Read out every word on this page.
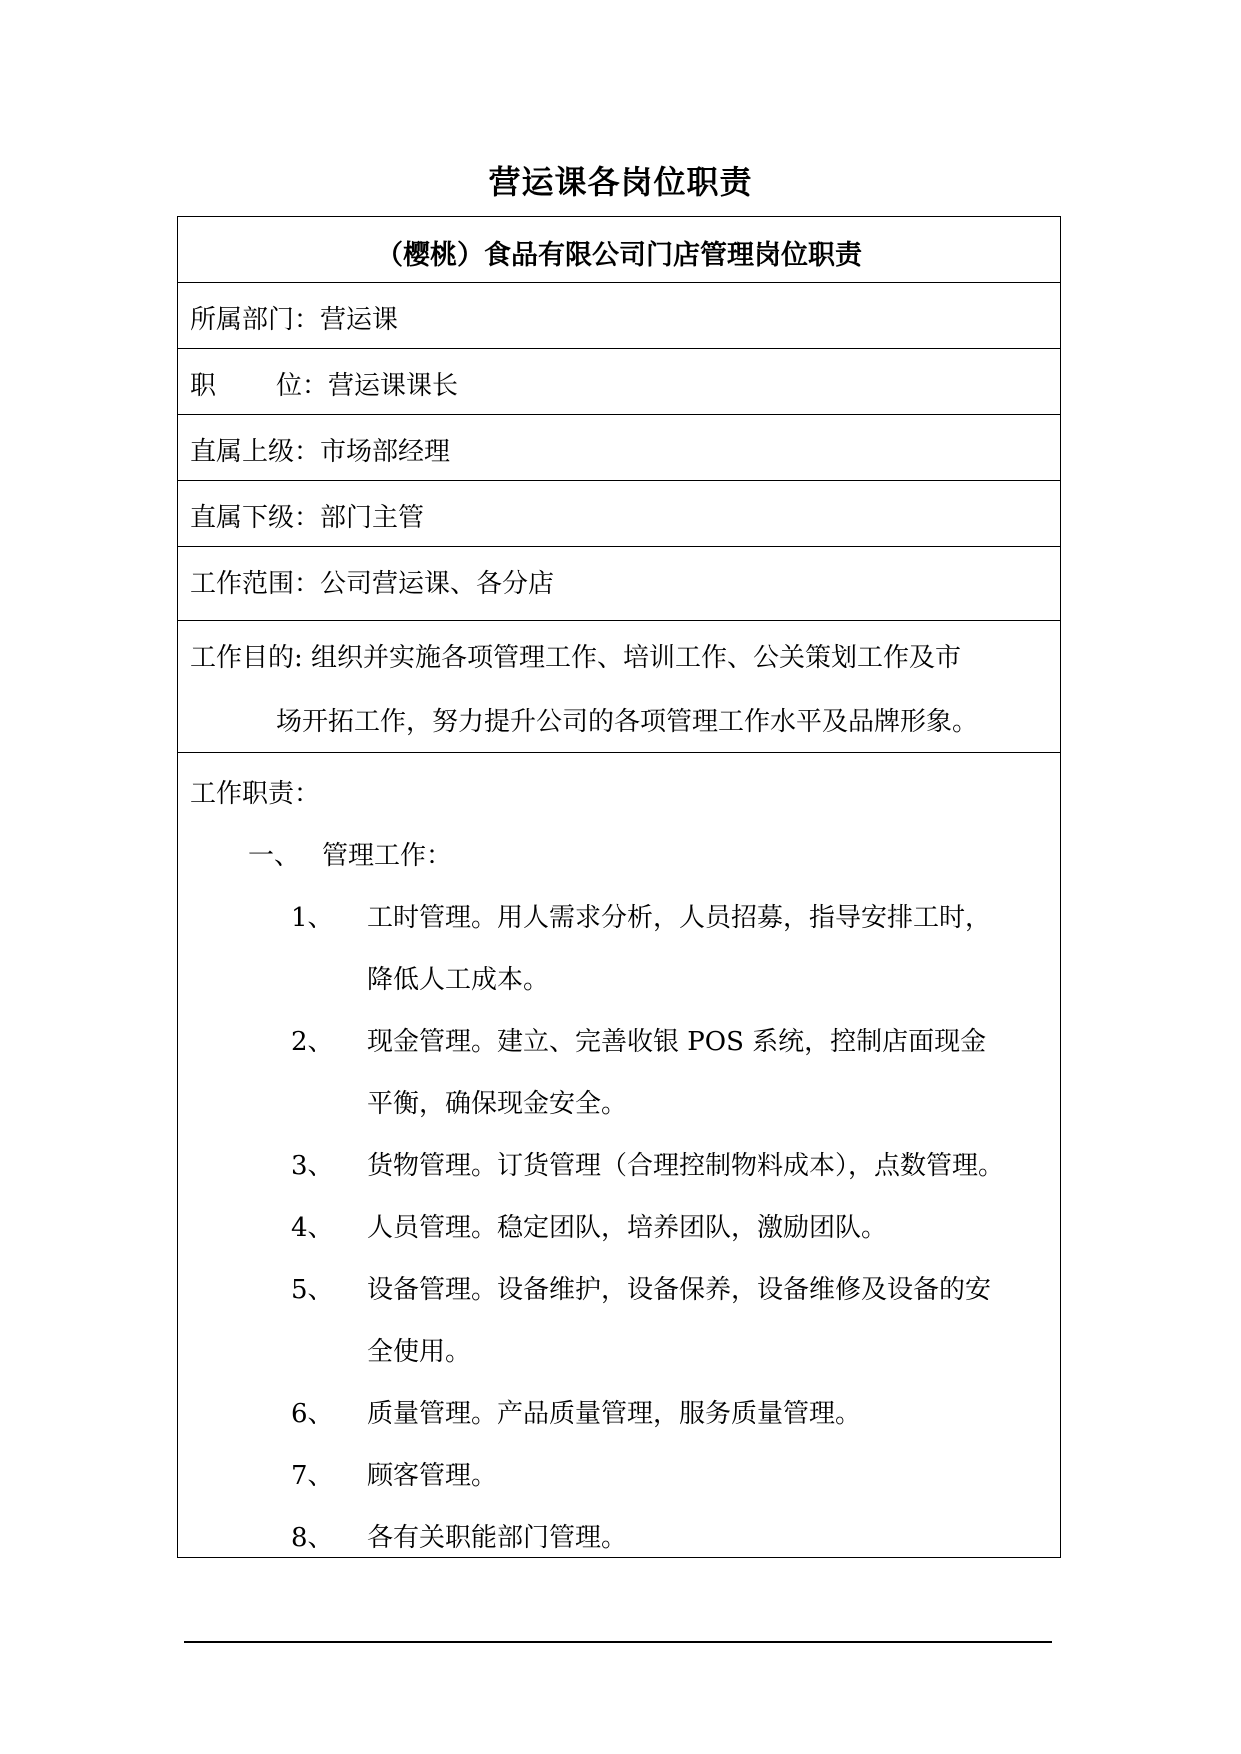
营运课各岗位职责
（樱桃）食品有限公司门店管理岗位职责
所属部门：营运课
职 位：营运课课长
直属上级：市场部经理
直属下级：部门主管
工作范围：公司营运课、各分店
工作目的: 组织并实施各项管理工作、培训工作、公关策划工作及市
场开拓工作，努力提升公司的各项管理工作水平及品牌形象。
工作职责：
一、 管理工作：
1、 工时管理。用人需求分析，人员招募，指导安排工时，
降低人工成本。
2、 现金管理。建立、完善收银 POS 系统，控制店面现金
平衡，确保现金安全。
3、 货物管理。订货管理（合理控制物料成本），点数管理。
4、 人员管理。稳定团队，培养团队，激励团队。
5、 设备管理。设备维护，设备保养，设备维修及设备的安
全使用。
6、 质量管理。产品质量管理，服务质量管理。
7、 顾客管理。
8、 各有关职能部门管理。
